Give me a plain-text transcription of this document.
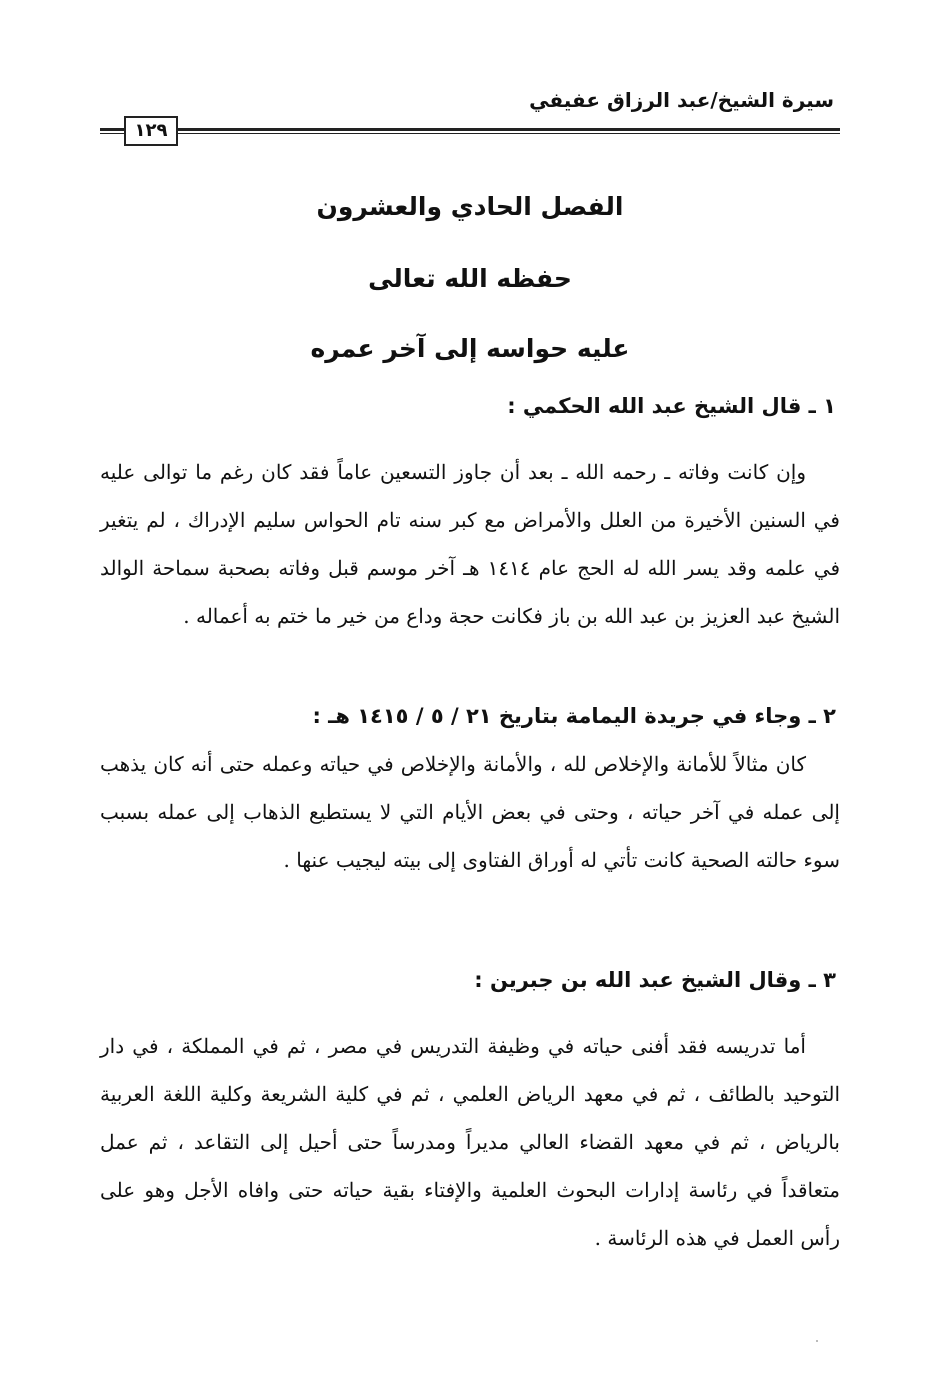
سيرة الشيخ/عبد الرزاق عفيفي
١٢٩
الفصل الحادي والعشرون
حفظه الله تعالى
عليه حواسه إلى آخر عمره
١ ـ قال الشيخ عبد الله الحكمي :
وإن كانت وفاته ـ رحمه الله ـ بعد أن جاوز التسعين عاماً فقد كان رغم ما توالى عليه في السنين الأخيرة من العلل والأمراض مع كبر سنه تام الحواس سليم الإدراك ، لم يتغير في علمه وقد يسر الله له الحج عام ١٤١٤ هـ آخر موسم قبل وفاته بصحبة سماحة الوالد الشيخ عبد العزيز بن عبد الله بن باز فكانت حجة وداع من خير ما ختم به أعماله .
٢ ـ وجاء في جريدة اليمامة بتاريخ ٢١ / ٥ / ١٤١٥ هـ :
كان مثالاً للأمانة والإخلاص لله ، والأمانة والإخلاص في حياته وعمله حتى أنه كان يذهب إلى عمله في آخر حياته ، وحتى في بعض الأيام التي لا يستطيع الذهاب إلى عمله بسبب سوء حالته الصحية كانت تأتي له أوراق الفتاوى إلى بيته ليجيب عنها .
٣ ـ وقال الشيخ عبد الله بن جبرين :
أما تدريسه فقد أفنى حياته في وظيفة التدريس في مصر ، ثم في المملكة ، في دار التوحيد بالطائف ، ثم في معهد الرياض العلمي ، ثم في كلية الشريعة وكلية اللغة العربية بالرياض ، ثم في معهد القضاء العالي مديراً ومدرساً حتى أحيل إلى التقاعد ، ثم عمل متعاقداً في رئاسة إدارات البحوث العلمية والإفتاء بقية حياته حتى وافاه الأجل وهو على رأس العمل في هذه الرئاسة .
